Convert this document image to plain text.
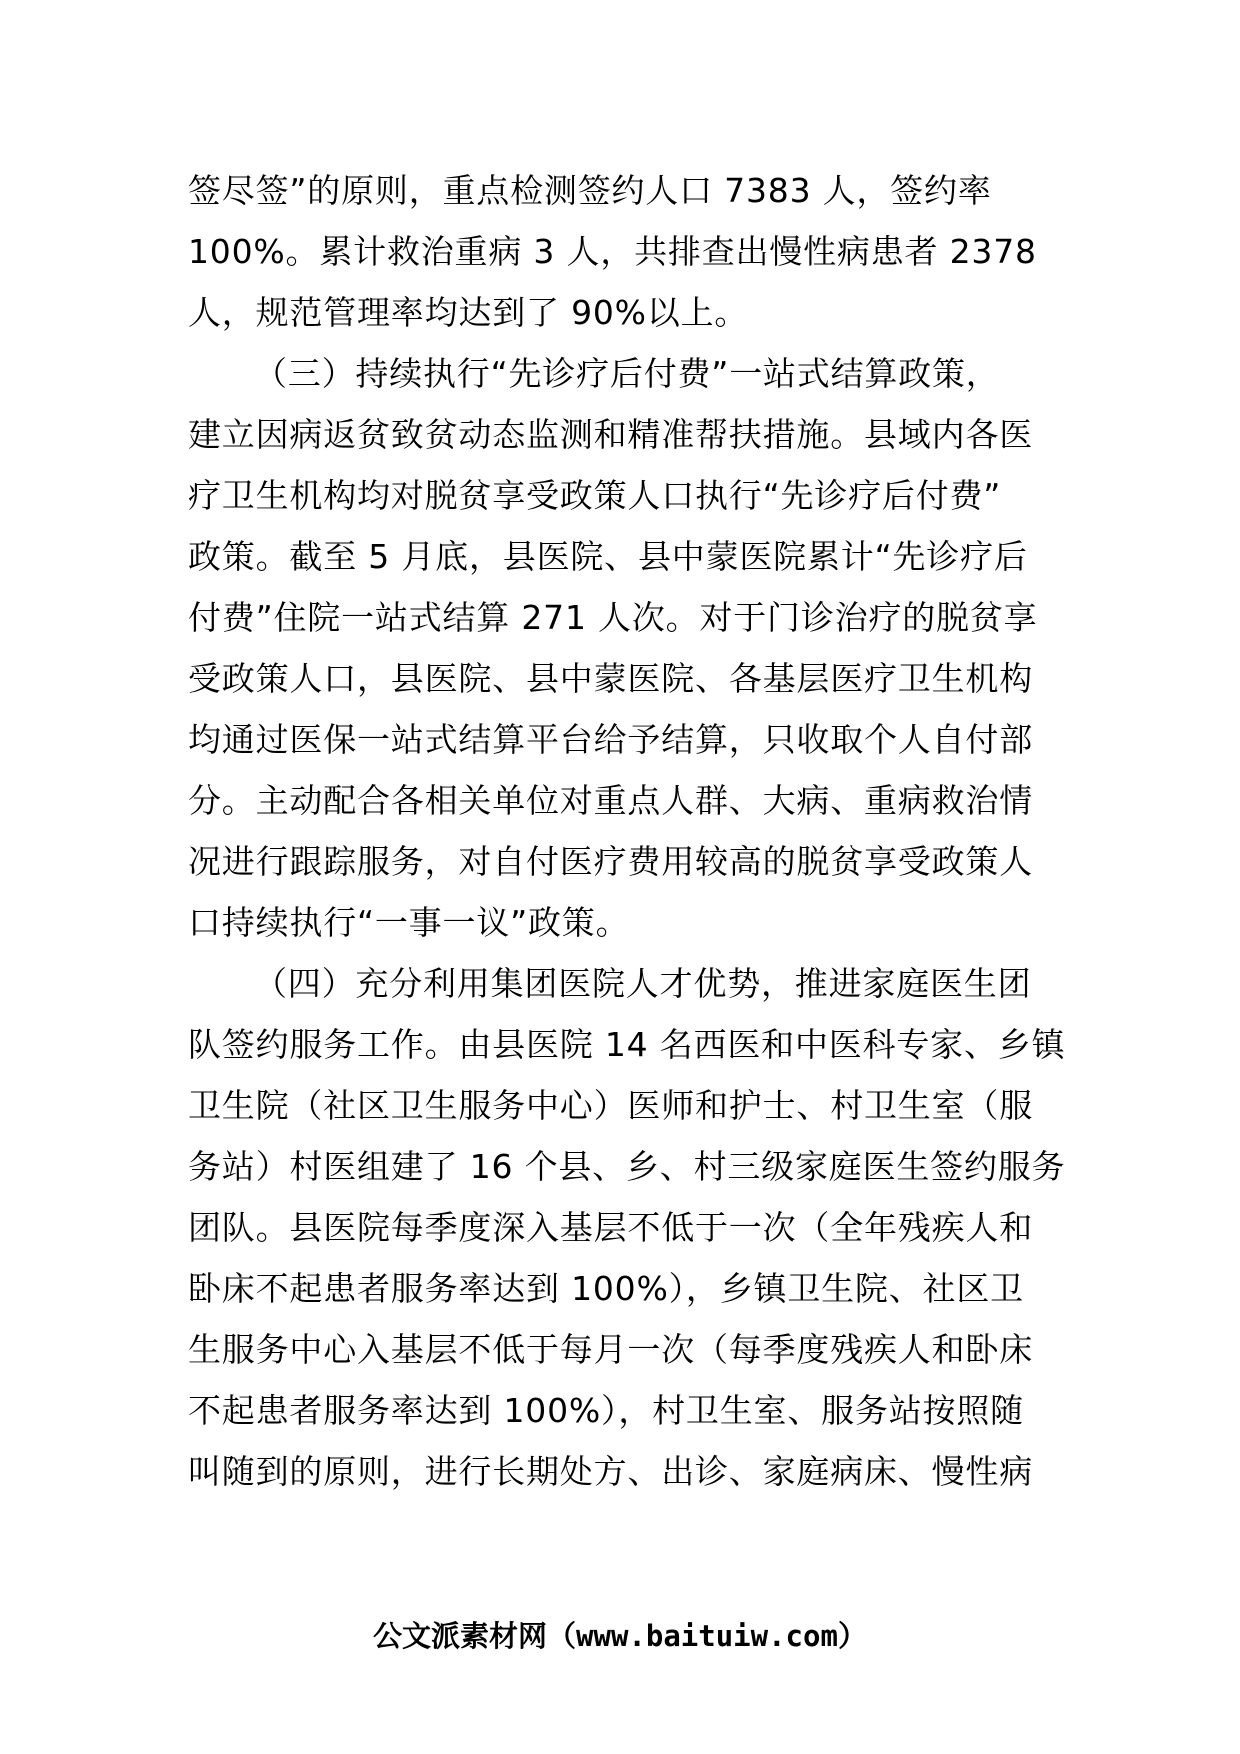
签尽签”的原则，重点检测签约人口 7383 人，签约率
100%。累计救治重病 3 人，共排查出慢性病患者 2378
人，规范管理率均达到了 90%以上。
（三）持续执行“先诊疗后付费”一站式结算政策，
建立因病返贫致贫动态监测和精准帮扶措施。县域内各医
疗卫生机构均对脱贫享受政策人口执行“先诊疗后付费”
政策。截至 5 月底，县医院、县中蒙医院累计“先诊疗后
付费”住院一站式结算 271 人次。对于门诊治疗的脱贫享
受政策人口，县医院、县中蒙医院、各基层医疗卫生机构
均通过医保一站式结算平台给予结算，只收取个人自付部
分。主动配合各相关单位对重点人群、大病、重病救治情
况进行跟踪服务，对自付医疗费用较高的脱贫享受政策人
口持续执行“一事一议”政策。
（四）充分利用集团医院人才优势，推进家庭医生团
队签约服务工作。由县医院 14 名西医和中医科专家、乡镇
卫生院（社区卫生服务中心）医师和护士、村卫生室（服
务站）村医组建了 16 个县、乡、村三级家庭医生签约服务
团队。县医院每季度深入基层不低于一次（全年残疾人和
卧床不起患者服务率达到 100%），乡镇卫生院、社区卫
生服务中心入基层不低于每月一次（每季度残疾人和卧床
不起患者服务率达到 100%），村卫生室、服务站按照随
叫随到的原则，进行长期处方、出诊、家庭病床、慢性病
公文派素材网（www.baituiw.com）
